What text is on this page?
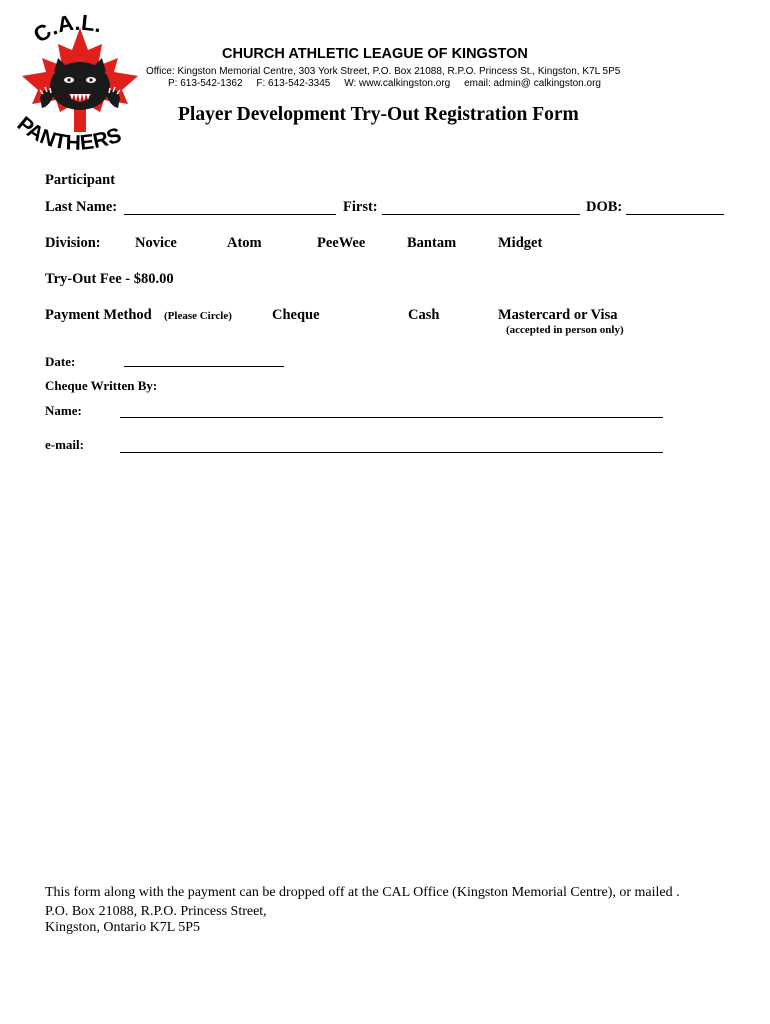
C.A.L.
PANTHERS
CHURCH ATHLETIC LEAGUE OF KINGSTON
Office: Kingston Memorial Centre, 303 York Street, P.O. Box 21088, R.P.O. Princess St., Kingston, K7L 5P5
P: 613-542-1362     F: 613-542-3345     W: www.calkingston.org     email: admin@ calkingston.org
Player Development Try-Out Registration Form
Participant
Last Name:	First:	DOB:
Division: Novice	Atom	PeeWee	Bantam	Midget
Try-Out Fee - $80.00
Payment Method (Please Circle)	Cheque	Cash	Mastercard or Visa
(accepted in person only)
Date:
Cheque Written By:
Name:
e-mail:
This form along with the payment can be dropped off at the CAL Office (Kingston Memorial Centre), or mailed .
P.O. Box 21088, R.P.O. Princess Street,
Kingston, Ontario K7L 5P5
